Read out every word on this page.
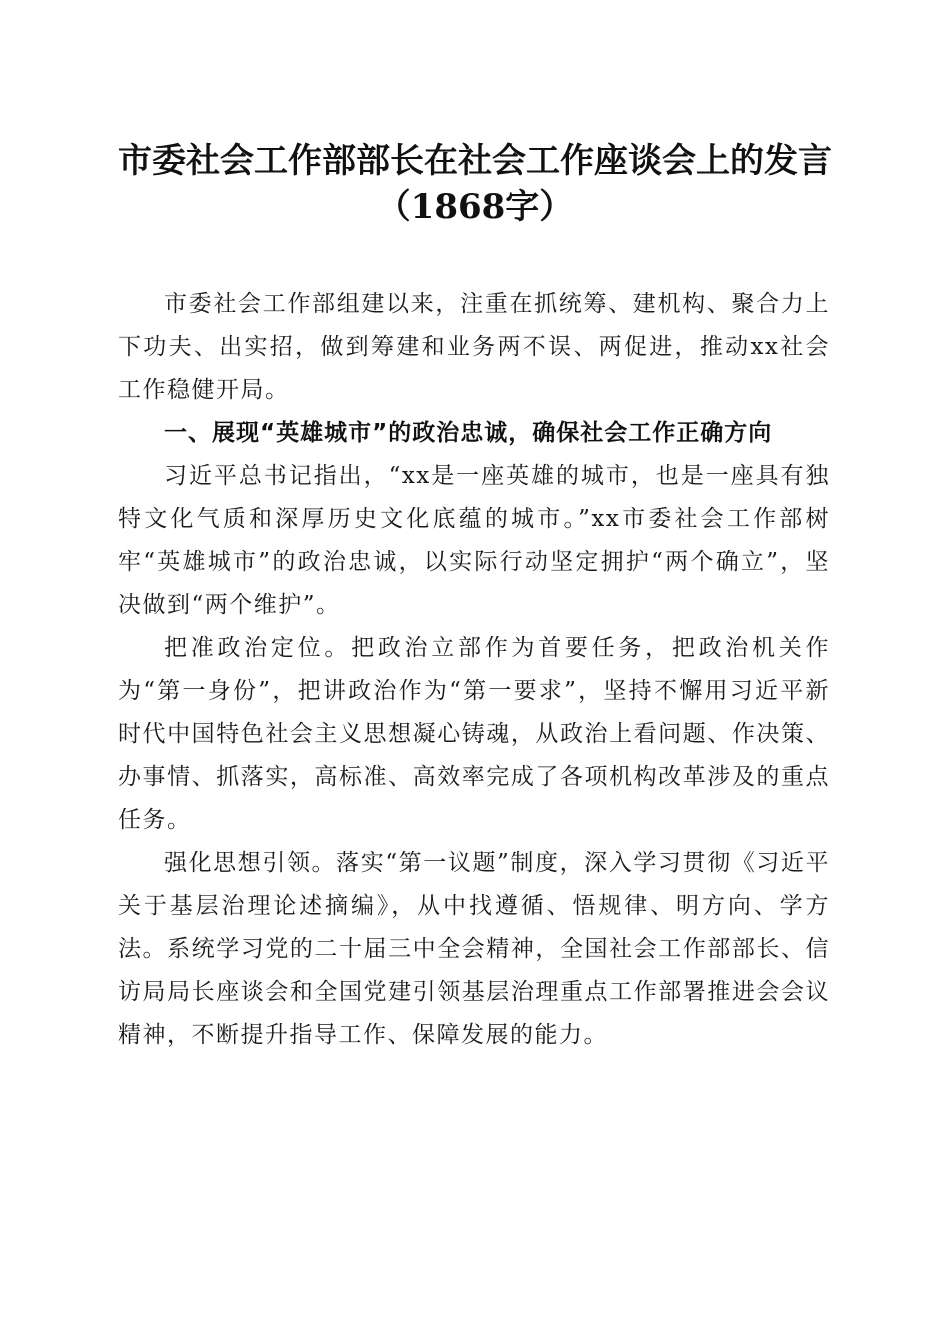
市委社会工作部部长在社会工作座谈会上的发言（1868字）

市委社会工作部组建以来，注重在抓统筹、建机构、聚合力上下功夫、出实招，做到筹建和业务两不误、两促进，推动xx社会工作稳健开局。

一、展现“英雄城市”的政治忠诚，确保社会工作正确方向

习近平总书记指出，“xx是一座英雄的城市，也是一座具有独特文化气质和深厚历史文化底蕴的城市。”xx市委社会工作部树牢“英雄城市”的政治忠诚，以实际行动坚定拥护“两个确立”，坚决做到“两个维护”。

把准政治定位。把政治立部作为首要任务，把政治机关作为“第一身份”，把讲政治作为“第一要求”，坚持不懈用习近平新时代中国特色社会主义思想凝心铸魂，从政治上看问题、作决策、办事情、抓落实，高标准、高效率完成了各项机构改革涉及的重点任务。

强化思想引领。落实“第一议题”制度，深入学习贯彻《习近平关于基层治理论述摘编》，从中找遵循、悟规律、明方向、学方法。系统学习党的二十届三中全会精神，全国社会工作部部长、信访局局长座谈会和全国党建引领基层治理重点工作部署推进会会议精神，不断提升指导工作、保障发展的能力。
